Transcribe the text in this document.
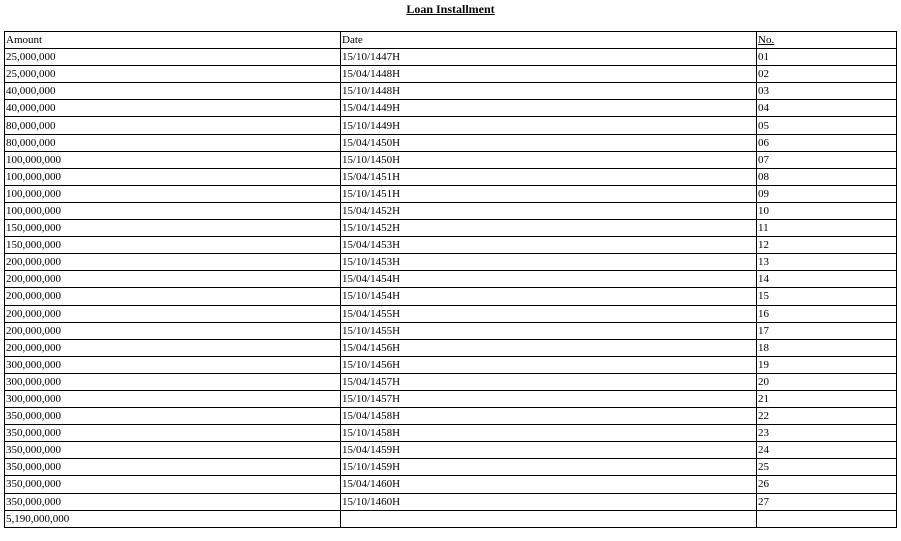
Loan Installment
Amount	Date	No.
25,000,000	15/10/1447H	01
25,000,000	15/04/1448H	02
40,000,000	15/10/1448H	03
40,000,000	15/04/1449H	04
80,000,000	15/10/1449H	05
80,000,000	15/04/1450H	06
100,000,000	15/10/1450H	07
100,000,000	15/04/1451H	08
100,000,000	15/10/1451H	09
100,000,000	15/04/1452H	10
150,000,000	15/10/1452H	11
150,000,000	15/04/1453H	12
200,000,000	15/10/1453H	13
200,000,000	15/04/1454H	14
200,000,000	15/10/1454H	15
200,000,000	15/04/1455H	16
200,000,000	15/10/1455H	17
200,000,000	15/04/1456H	18
300,000,000	15/10/1456H	19
300,000,000	15/04/1457H	20
300,000,000	15/10/1457H	21
350,000,000	15/04/1458H	22
350,000,000	15/10/1458H	23
350,000,000	15/04/1459H	24
350,000,000	15/10/1459H	25
350,000,000	15/04/1460H	26
350,000,000	15/10/1460H	27
5,190,000,000		
